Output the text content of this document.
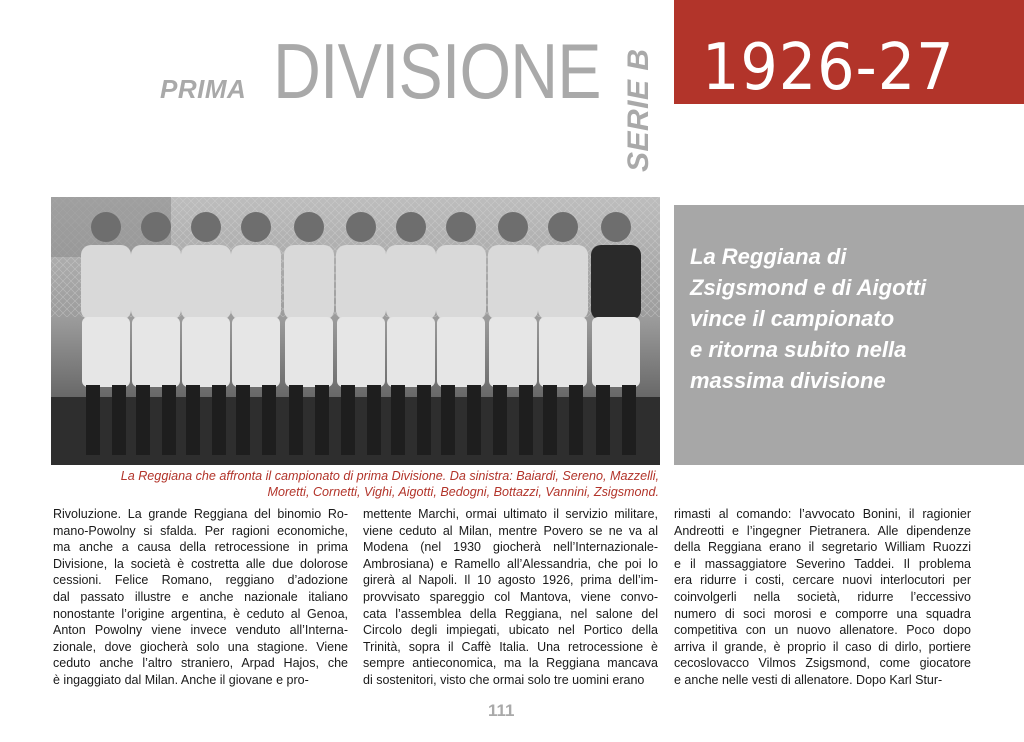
PRIMA DIVISIONE SERIE B 1926-27
La Reggiana di
Zsigsmond e di Aigotti
vince il campionato
e ritorna subito nella
massima divisione
La Reggiana che affronta il campionato di prima Divisione. Da sinistra: Baiardi, Sereno, Mazzelli,
Moretti, Cornetti, Vighi, Aigotti, Bedogni, Bottazzi, Vannini, Zsigsmond.
Rivoluzione. La grande Reggiana del binomio Ro-
mano-Powolny si sfalda. Per ragioni economiche,
ma anche a causa della retrocessione in prima
Divisione, la società è costretta alle due dolorose
cessioni. Felice Romano, reggiano d’adozione
dal passato illustre e anche nazionale italiano
nonostante l’origine argentina, è ceduto al Genoa,
Anton Powolny viene invece venduto all’Interna-
zionale, dove giocherà solo una stagione. Viene
ceduto anche l’altro straniero, Arpad Hajos, che
è ingaggiato dal Milan. Anche il giovane e pro-
mettente Marchi, ormai ultimato il servizio militare,
viene ceduto al Milan, mentre Povero se ne va al
Modena (nel 1930 giocherà nell’Internazionale-
Ambrosiana) e Ramello all’Alessandria, che poi lo
girerà al Napoli. Il 10 agosto 1926, prima dell’im-
provvisato spareggio col Mantova, viene convo-
cata l’assemblea della Reggiana, nel salone del
Circolo degli impiegati, ubicato nel Portico della
Trinità, sopra il Caffè Italia. Una retrocessione è
sempre antieconomica, ma la Reggiana mancava
di sostenitori, visto che ormai solo tre uomini erano
rimasti al comando: l’avvocato Bonini, il ragionier
Andreotti e l’ingegner Pietranera. Alle dipendenze
della Reggiana erano il segretario William Ruozzi
e il massaggiatore Severino Taddei. Il problema
era ridurre i costi, cercare nuovi interlocutori per
coinvolgerli nella società, ridurre l’eccessivo
numero di soci morosi e comporre una squadra
competitiva con un nuovo allenatore. Poco dopo
arriva il grande, è proprio il caso di dirlo, portiere
cecoslovacco Vilmos Zsigsmond, come giocatore
e anche nelle vesti di allenatore. Dopo Karl Stur-
111
